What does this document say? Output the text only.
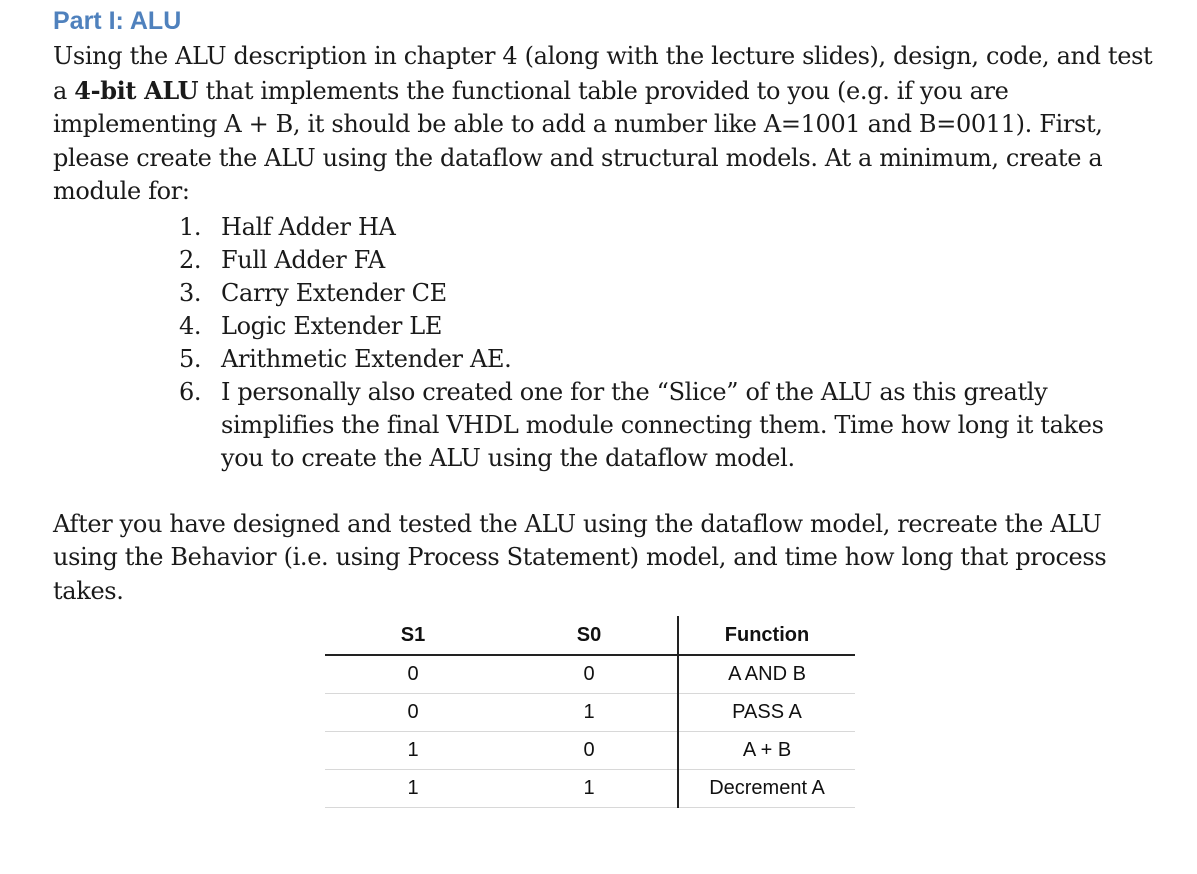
Part I: ALU

Using the ALU description in chapter 4 (along with the lecture slides), design, code, and test a 4-bit ALU that implements the functional table provided to you (e.g. if you are implementing A + B, it should be able to add a number like A=1001 and B=0011). First, please create the ALU using the dataflow and structural models. At a minimum, create a module for:

1. Half Adder HA
2. Full Adder FA
3. Carry Extender CE
4. Logic Extender LE
5. Arithmetic Extender AE.
6. I personally also created one for the “Slice” of the ALU as this greatly simplifies the final VHDL module connecting them. Time how long it takes you to create the ALU using the dataflow model.

After you have designed and tested the ALU using the dataflow model, recreate the ALU using the Behavior (i.e. using Process Statement) model, and time how long that process takes.

S1	S0	Function
0	0	A AND B
0	1	PASS A
1	0	A + B
1	1	Decrement A
